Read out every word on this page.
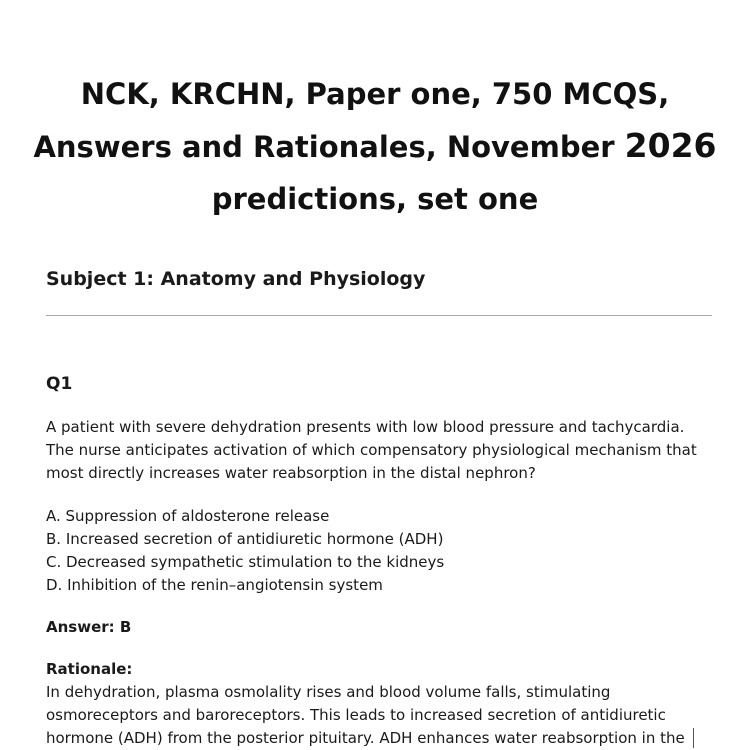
NCK, KRCHN, Paper one, 750 MCQS,
Answers and Rationales, November 2026
predictions, set one
Subject 1: Anatomy and Physiology
Q1
A patient with severe dehydration presents with low blood pressure and tachycardia.
The nurse anticipates activation of which compensatory physiological mechanism that
most directly increases water reabsorption in the distal nephron?
A. Suppression of aldosterone release
B. Increased secretion of antidiuretic hormone (ADH)
C. Decreased sympathetic stimulation to the kidneys
D. Inhibition of the renin–angiotensin system
Answer: B
Rationale:
In dehydration, plasma osmolality rises and blood volume falls, stimulating
osmoreceptors and baroreceptors. This leads to increased secretion of antidiuretic
hormone (ADH) from the posterior pituitary. ADH enhances water reabsorption in the
